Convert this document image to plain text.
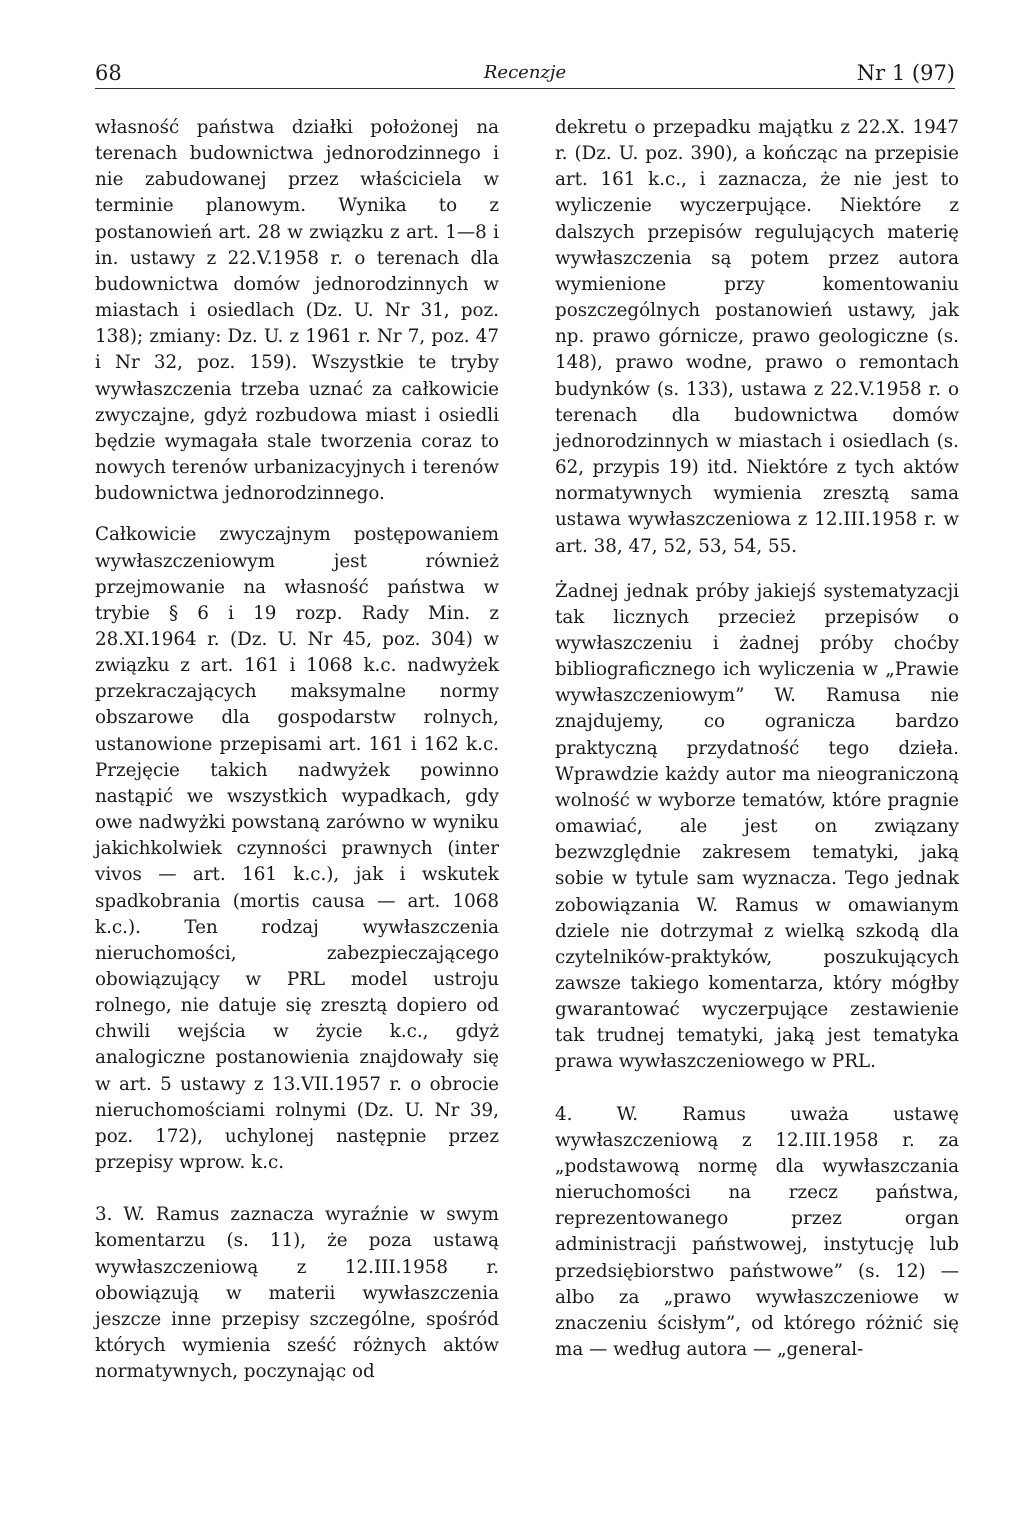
68	Recenzje	Nr 1 (97)

własność państwa działki położonej na terenach budownictwa jednorodzinnego i nie zabudowanej przez właściciela w terminie planowym. Wynika to z postanowień art. 28 w związku z art. 1—8 i in. ustawy z 22.V.1958 r. o terenach dla budownictwa domów jednorodzinnych w miastach i osiedlach (Dz. U. Nr 31, poz. 138); zmiany: Dz. U. z 1961 r. Nr 7, poz. 47 i Nr 32, poz. 159). Wszystkie te tryby wywłaszczenia trzeba uznać za całkowicie zwyczajne, gdyż rozbudowa miast i osiedli będzie wymagała stale tworzenia coraz to nowych terenów urbanizacyjnych i terenów budownictwa jednorodzinnego.

Całkowicie zwyczajnym postępowaniem wywłaszczeniowym jest również przejmowanie na własność państwa w trybie § 6 i 19 rozp. Rady Min. z 28.XI.1964 r. (Dz. U. Nr 45, poz. 304) w związku z art. 161 i 1068 k.c. nadwyżek przekraczających maksymalne normy obszarowe dla gospodarstw rolnych, ustanowione przepisami art. 161 i 162 k.c. Przejęcie takich nadwyżek powinno nastąpić we wszystkich wypadkach, gdy owe nadwyżki powstaną zarówno w wyniku jakichkolwiek czynności prawnych (inter vivos — art. 161 k.c.), jak i wskutek spadkobrania (mortis causa — art. 1068 k.c.). Ten rodzaj wywłaszczenia nieruchomości, zabezpieczającego obowiązujący w PRL model ustroju rolnego, nie datuje się zresztą dopiero od chwili wejścia w życie k.c., gdyż analogiczne postanowienia znajdowały się w art. 5 ustawy z 13.VII.1957 r. o obrocie nieruchomościami rolnymi (Dz. U. Nr 39, poz. 172), uchylonej następnie przez przepisy wprow. k.c.

3. W. Ramus zaznacza wyraźnie w swym komentarzu (s. 11), że poza ustawą wywłaszczeniową z 12.III.1958 r. obowiązują w materii wywłaszczenia jeszcze inne przepisy szczególne, spośród których wymienia sześć różnych aktów normatywnych, poczynając od

dekretu o przepadku majątku z 22.X. 1947 r. (Dz. U. poz. 390), a kończąc na przepisie art. 161 k.c., i zaznacza, że nie jest to wyliczenie wyczerpujące. Niektóre z dalszych przepisów regulujących materię wywłaszczenia są potem przez autora wymienione przy komentowaniu poszczególnych postanowień ustawy, jak np. prawo górnicze, prawo geologiczne (s. 148), prawo wodne, prawo o remontach budynków (s. 133), ustawa z 22.V.1958 r. o terenach dla budownictwa domów jednorodzinnych w miastach i osiedlach (s. 62, przypis 19) itd. Niektóre z tych aktów normatywnych wymienia zresztą sama ustawa wywłaszczeniowa z 12.III.1958 r. w art. 38, 47, 52, 53, 54, 55.

Żadnej jednak próby jakiejś systematyzacji tak licznych przecież przepisów o wywłaszczeniu i żadnej próby choćby bibliograficznego ich wyliczenia w „Prawie wywłaszczeniowym” W. Ramusa nie znajdujemy, co ogranicza bardzo praktyczną przydatność tego dzieła. Wprawdzie każdy autor ma nieograniczoną wolność w wyborze tematów, które pragnie omawiać, ale jest on związany bezwzględnie zakresem tematyki, jaką sobie w tytule sam wyznacza. Tego jednak zobowiązania W. Ramus w omawianym dziele nie dotrzymał z wielką szkodą dla czytelników-praktyków, poszukujących zawsze takiego komentarza, który mógłby gwarantować wyczerpujące zestawienie tak trudnej tematyki, jaką jest tematyka prawa wywłaszczeniowego w PRL.

4. W. Ramus uważa ustawę wywłaszczeniową z 12.III.1958 r. za „podstawową normę dla wywłaszczania nieruchomości na rzecz państwa, reprezentowanego przez organ administracji państwowej, instytucję lub przedsiębiorstwo państwowe” (s. 12) — albo za „prawo wywłaszczeniowe w znaczeniu ścisłym”, od którego różnić się ma — według autora — „general-
